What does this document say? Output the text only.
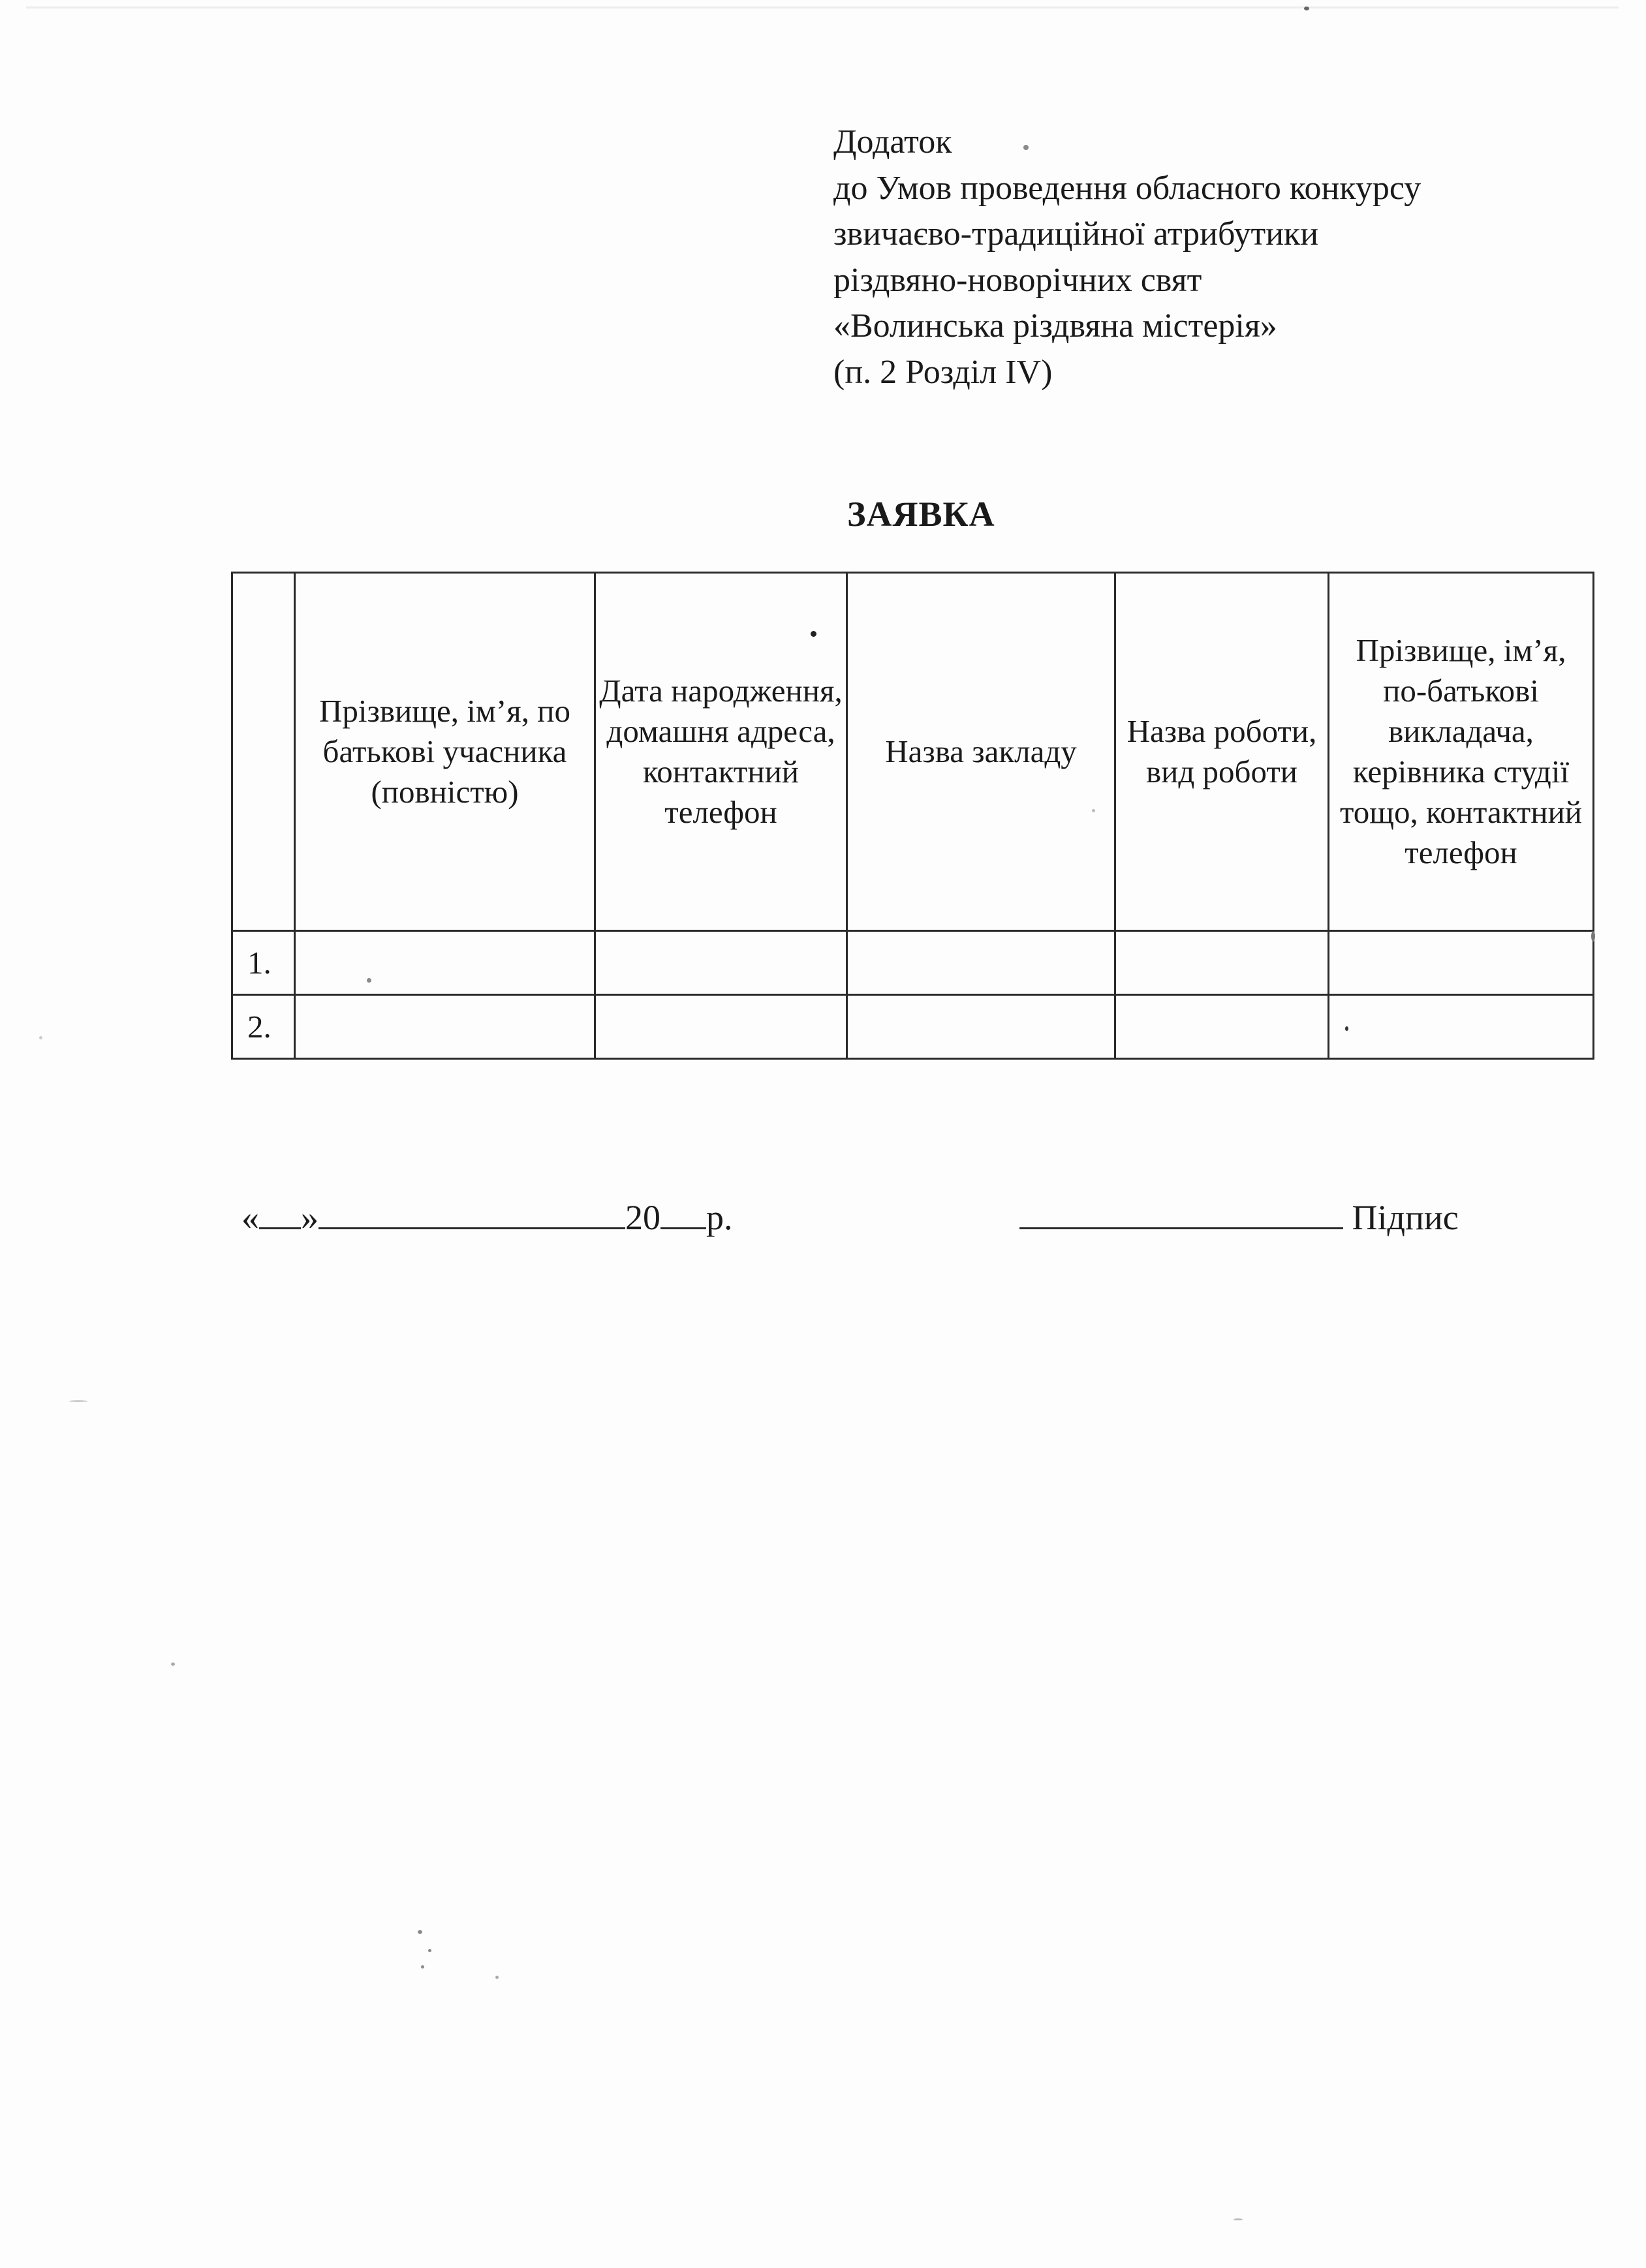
Додаток
до Умов проведення обласного конкурсу
звичаєво-традиційної атрибутики
різдвяно-новорічних свят
«Волинська різдвяна містерія»
(п. 2 Розділ IV)
ЗАЯВКА
	Прізвище, ім’я, по батькові учасника (повністю)	Дата народження, домашня адреса, контактний телефон	Назва закладу	Назва роботи, вид роботи	Прізвище, ім’я, по-батькові викладача, керівника студії тощо, контактний телефон
1.					
2.					
« »	20 р.	Підпис
